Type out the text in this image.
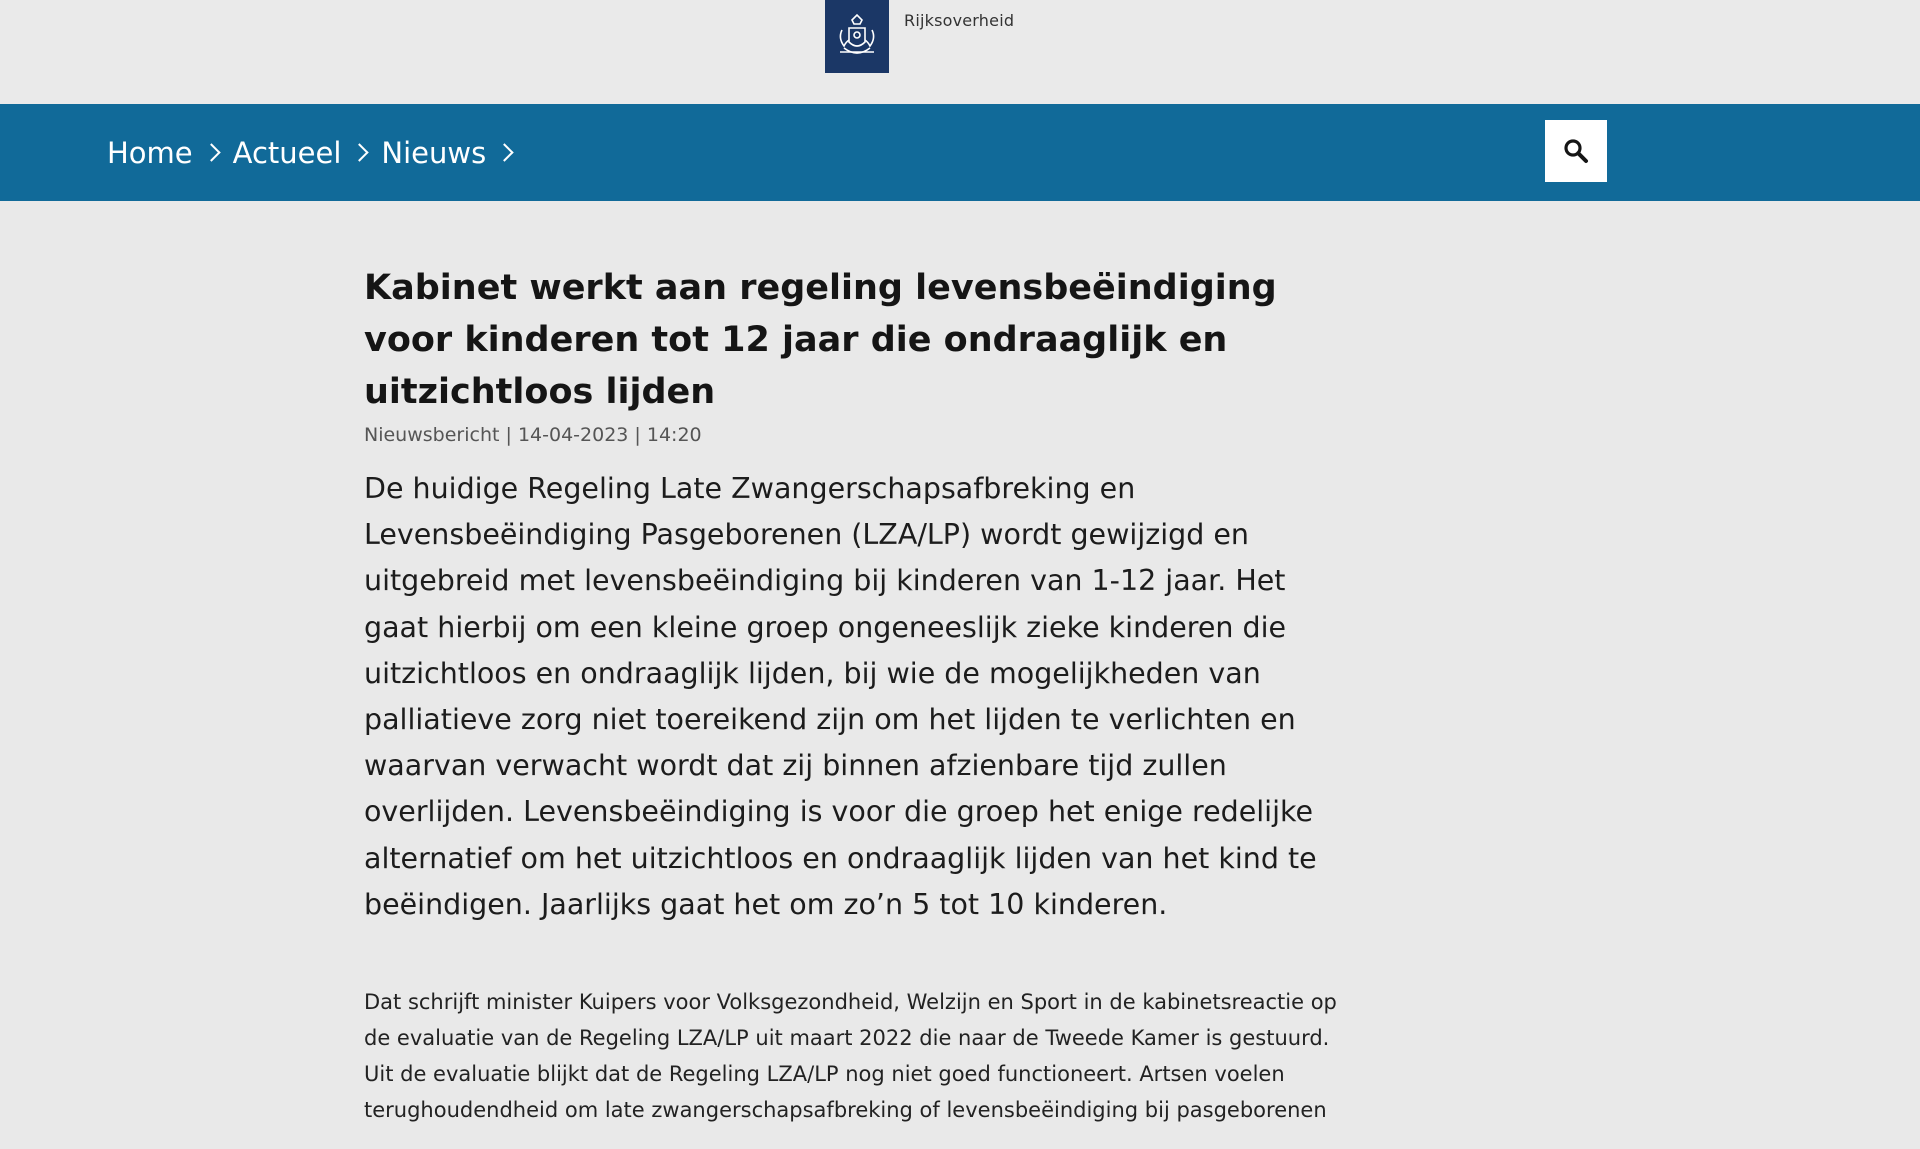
Rijksoverheid
Home Actueel Nieuws
Kabinet werkt aan regeling levensbeëindiging voor kinderen tot 12 jaar die ondraaglijk en uitzichtloos lijden
Nieuwsbericht | 14-04-2023 | 14:20

De huidige Regeling Late Zwangerschapsafbreking en Levensbeëindiging Pasgeborenen (LZA/LP) wordt gewijzigd en uitgebreid met levensbeëindiging bij kinderen van 1-12 jaar. Het gaat hierbij om een kleine groep ongeneeslijk zieke kinderen die uitzichtloos en ondraaglijk lijden, bij wie de mogelijkheden van palliatieve zorg niet toereikend zijn om het lijden te verlichten en waarvan verwacht wordt dat zij binnen afzienbare tijd zullen overlijden. Levensbeëindiging is voor die groep het enige redelijke alternatief om het uitzichtloos en ondraaglijk lijden van het kind te beëindigen. Jaarlijks gaat het om zo’n 5 tot 10 kinderen.

Dat schrijft minister Kuipers voor Volksgezondheid, Welzijn en Sport in de kabinetsreactie op de evaluatie van de Regeling LZA/LP uit maart 2022 die naar de Tweede Kamer is gestuurd. Uit de evaluatie blijkt dat de Regeling LZA/LP nog niet goed functioneert. Artsen voelen terughoudendheid om late zwangerschapsafbreking of levensbeëindiging bij pasgeborenen
